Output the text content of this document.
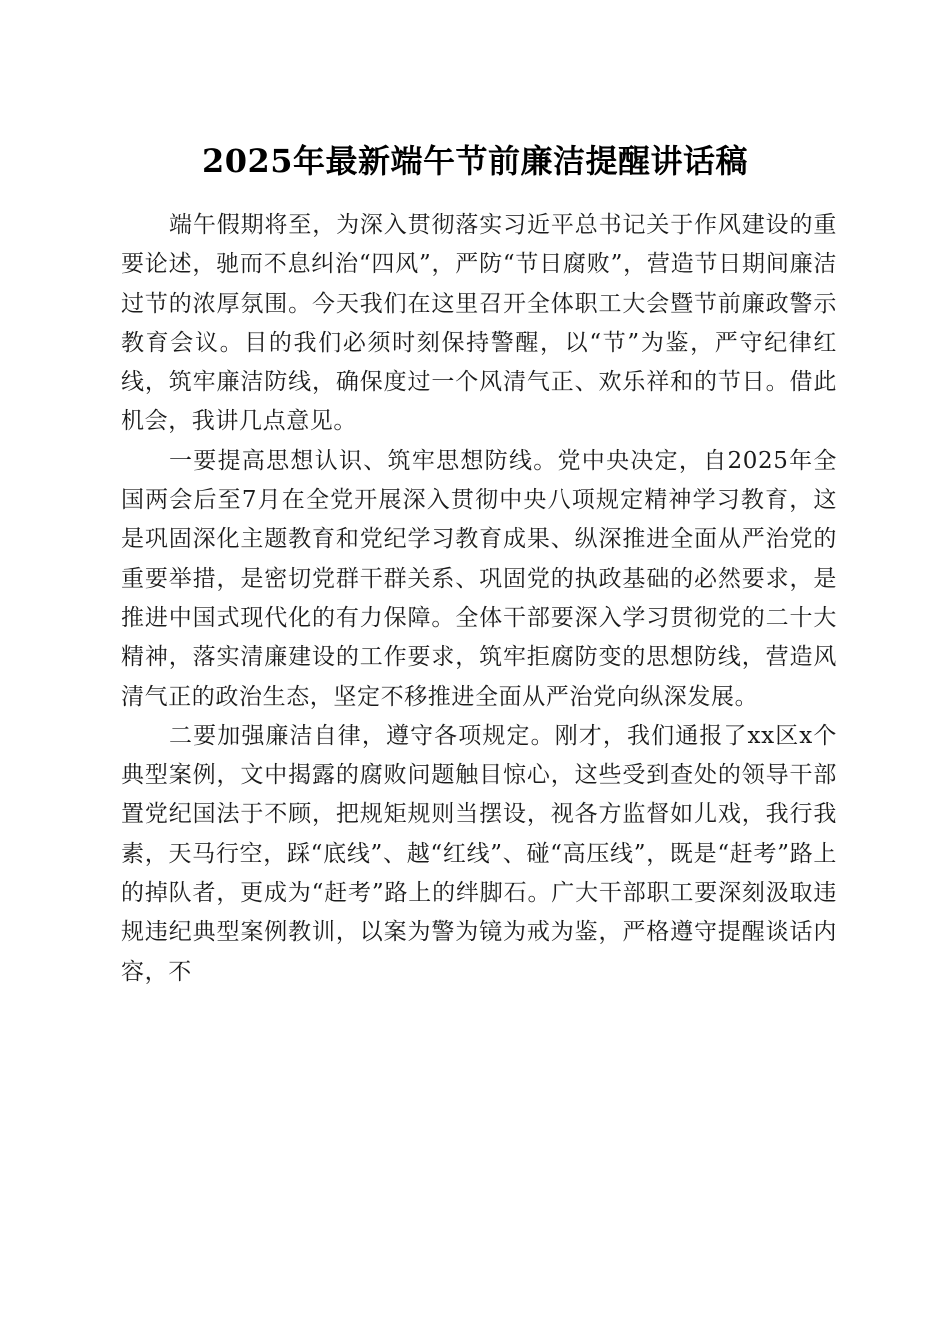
2025年最新端午节前廉洁提醒讲话稿

端午假期将至，为深入贯彻落实习近平总书记关于作风建设的重要论述，驰而不息纠治“四风”，严防“节日腐败”，营造节日期间廉洁过节的浓厚氛围。今天我们在这里召开全体职工大会暨节前廉政警示教育会议。目的我们必须时刻保持警醒，以“节”为鉴，严守纪律红线，筑牢廉洁防线，确保度过一个风清气正、欢乐祥和的节日。借此机会，我讲几点意见。

一要提高思想认识、筑牢思想防线。党中央决定，自2025年全国两会后至7月在全党开展深入贯彻中央八项规定精神学习教育，这是巩固深化主题教育和党纪学习教育成果、纵深推进全面从严治党的重要举措，是密切党群干群关系、巩固党的执政基础的必然要求，是推进中国式现代化的有力保障。全体干部要深入学习贯彻党的二十大精神，落实清廉建设的工作要求，筑牢拒腐防变的思想防线，营造风清气正的政治生态，坚定不移推进全面从严治党向纵深发展。

二要加强廉洁自律，遵守各项规定。刚才，我们通报了xx区x个典型案例，文中揭露的腐败问题触目惊心，这些受到查处的领导干部置党纪国法于不顾，把规矩规则当摆设，视各方监督如儿戏，我行我素，天马行空，踩“底线”、越“红线”、碰“高压线”，既是“赶考”路上的掉队者，更成为“赶考”路上的绊脚石。广大干部职工要深刻汲取违规违纪典型案例教训，以案为警为镜为戒为鉴，严格遵守提醒谈话内容，不
